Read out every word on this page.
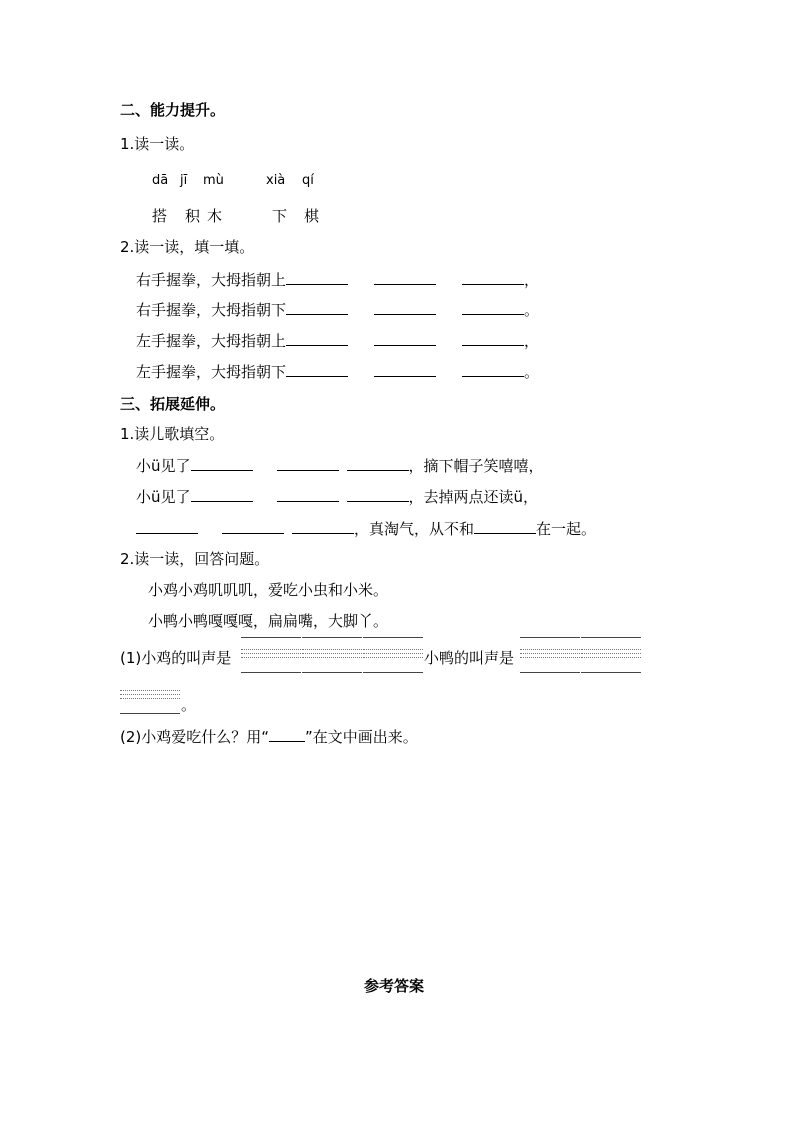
二、能力提升。
1.读一读。
dā jī mù	xià qí
搭 积 木	下 棋
2.读一读，填一填。
右手握拳，大拇指朝上	，
右手握拳，大拇指朝下	。
左手握拳，大拇指朝上	，
左手握拳，大拇指朝下	。
三、拓展延伸。
1.读儿歌填空。
小ü见了	，摘下帽子笑嘻嘻，
小ü见了	，去掉两点还读ü，
，真淘气，从不和	在一起。
2.读一读，回答问题。
小鸡小鸡叽叽叽，爱吃小虫和小米。
小鸭小鸭嘎嘎嘎，扁扁嘴，大脚丫。
(1)小鸡的叫声是	小鸭的叫声是
。
(2)小鸡爱吃什么？用“ ”在文中画出来。
参考答案
